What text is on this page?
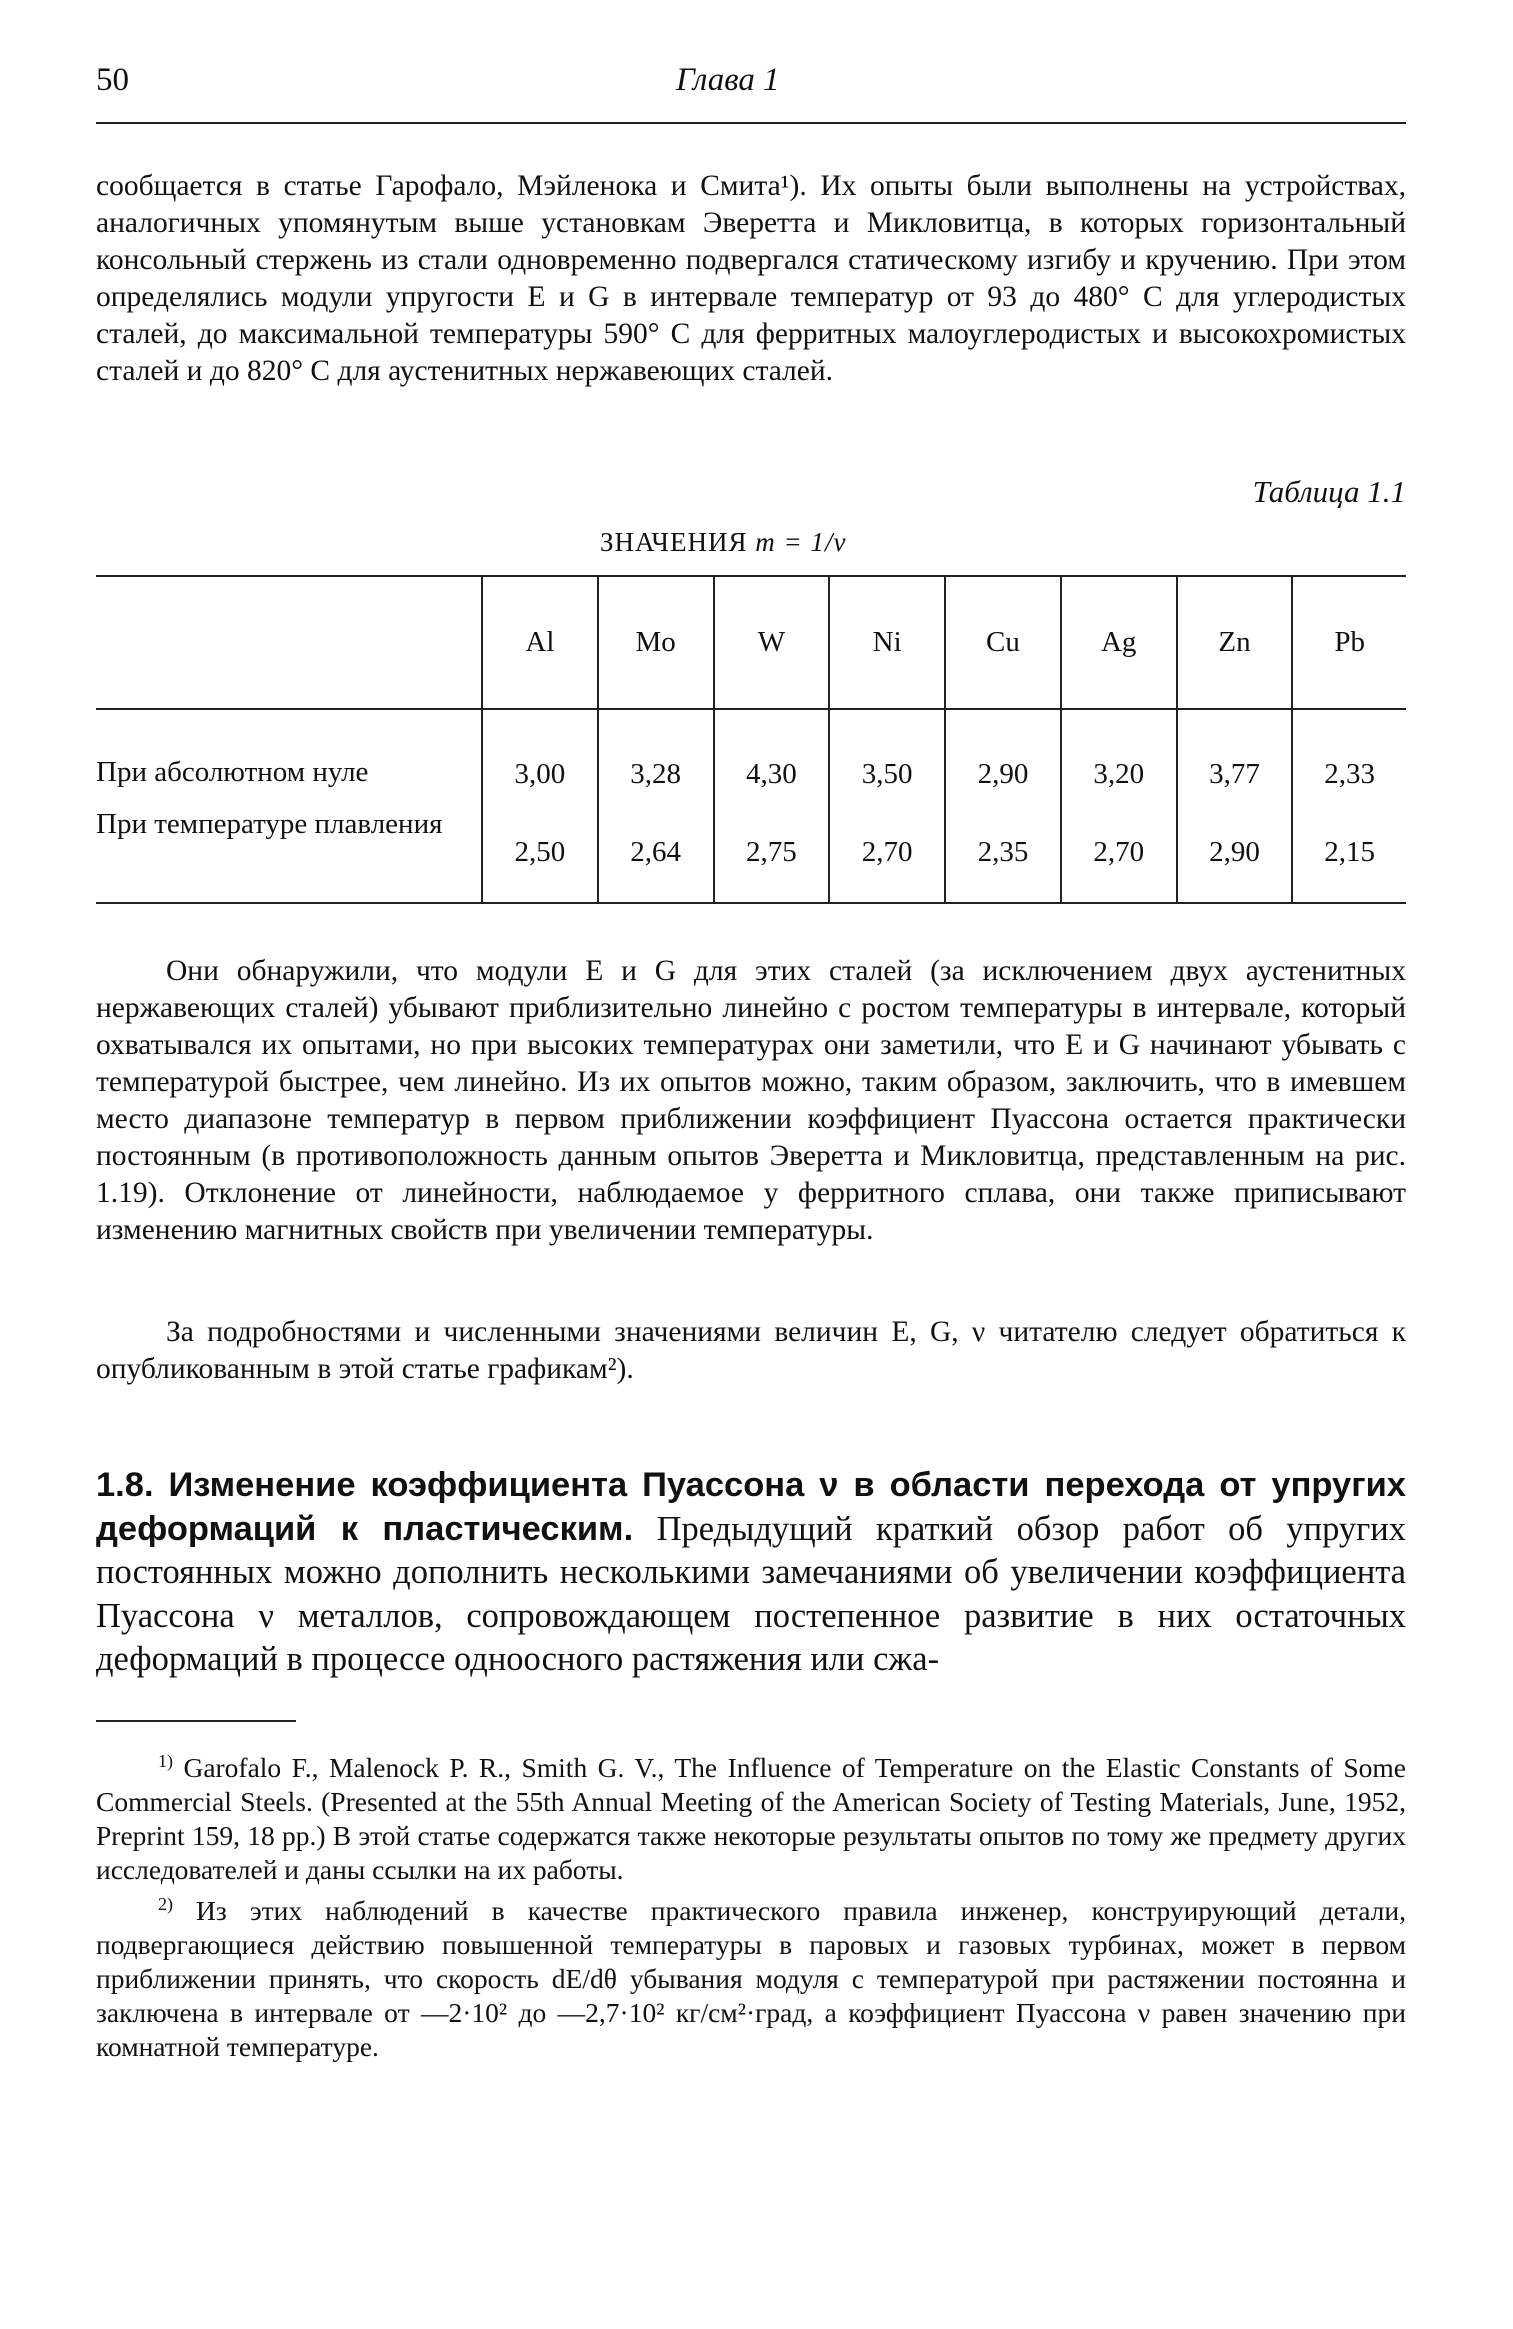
50	Глава 1

сообщается в статье Гарофало, Мэйленока и Смита¹). Их опыты были выполнены на устройствах, аналогичных упомянутым выше установкам Эверетта и Микловитца, в которых горизонтальный консольный стержень из стали одновременно подвергался статическому изгибу и кручению. При этом определялись модули упругости E и G в интервале температур от 93 до 480° C для углеродистых сталей, до максимальной температуры 590° C для ферритных малоуглеродистых и высокохромистых сталей и до 820° C для аустенитных нержавеющих сталей.

Таблица 1.1
ЗНАЧЕНИЯ m = 1/ν
	Al	Mo	W	Ni	Cu	Ag	Zn	Pb
При абсолютном нуле	3,00	3,28	4,30	3,50	2,90	3,20	3,77	2,33
При температуре плавления	2,50	2,64	2,75	2,70	2,35	2,70	2,90	2,15

Они обнаружили, что модули E и G для этих сталей (за исключением двух аустенитных нержавеющих сталей) убывают приблизительно линейно с ростом температуры в интервале, который охватывался их опытами, но при высоких температурах они заметили, что E и G начинают убывать с температурой быстрее, чем линейно. Из их опытов можно, таким образом, заключить, что в имевшем место диапазоне температур в первом приближении коэффициент Пуассона остается практически постоянным (в противоположность данным опытов Эверетта и Микловитца, представленным на рис. 1.19). Отклонение от линейности, наблюдаемое у ферритного сплава, они также приписывают изменению магнитных свойств при увеличении температуры.

За подробностями и численными значениями величин E, G, ν читателю следует обратиться к опубликованным в этой статье графикам²).

1.8. Изменение коэффициента Пуассона ν в области перехода от упругих деформаций к пластическим. Предыдущий краткий обзор работ об упругих постоянных можно дополнить несколькими замечаниями об увеличении коэффициента Пуассона ν металлов, сопровождающем постепенное развитие в них остаточных деформаций в процессе одноосного растяжения или сжа-

$^{1)}$ Garofalo F., Malenock P. R., Smith G. V., The Influence of Temperature on the Elastic Constants of Some Commercial Steels. (Presented at the 55th Annual Meeting of the American Society of Testing Materials, June, 1952, Preprint 159, 18 pp.) В этой статье содержатся также некоторые результаты опытов по тому же предмету других исследователей и даны ссылки на их работы.

$^{2)}$ Из этих наблюдений в качестве практического правила инженер, конструирующий детали, подвергающиеся действию повышенной температуры в паровых и газовых турбинах, может в первом приближении принять, что скорость dE/dθ убывания модуля с температурой при растяжении постоянна и заключена в интервале от —2·10² до —2,7·10² кг/см²·град, а коэффициент Пуассона ν равен значению при комнатной температуре.
